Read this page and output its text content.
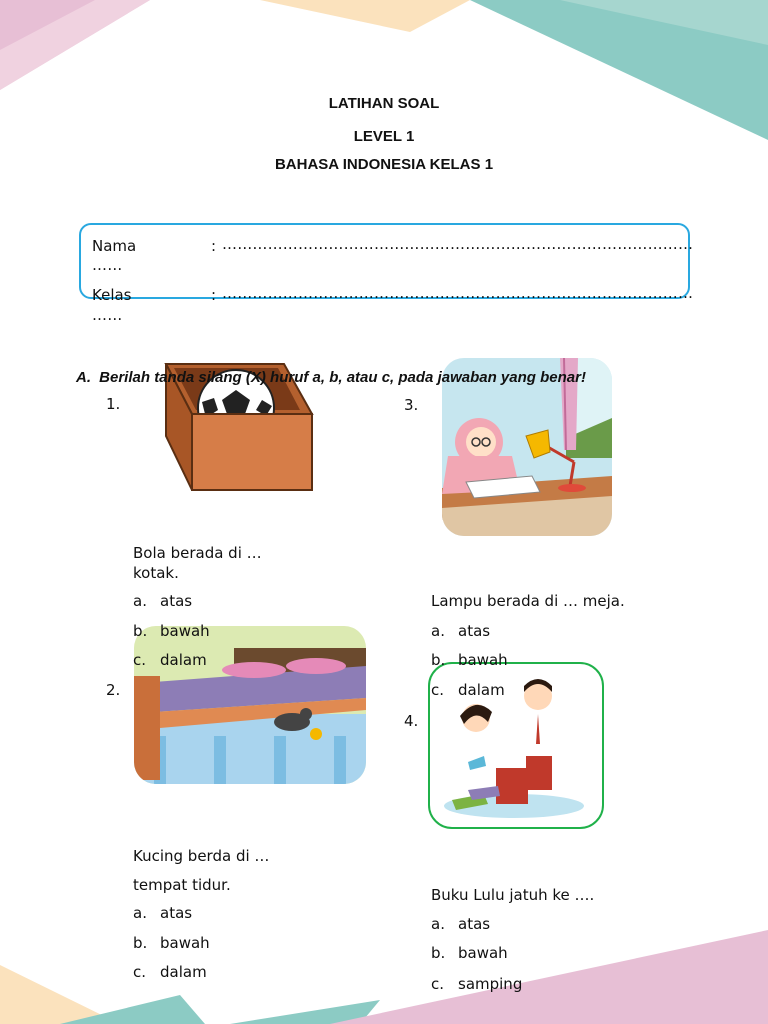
LATIHAN SOAL
LEVEL 1
BAHASA INDONESIA KELAS 1
Nama	: …………………………………………………………………………………
……
Kelas	: …………………………………………………………………………………
……
A. Berilah tanda silang (X) huruf a, b, atau c, pada jawaban yang benar!
1.
Bola berada di …
kotak.
a. atas
b. bawah
c. dalam
3.
Lampu berada di … meja.
a. atas
b. bawah
c. dalam
2.
Kucing berda di …
tempat tidur.
a. atas
b. bawah
c. dalam
4.
Buku Lulu jatuh ke ….
a. atas
b. bawah
c. samping
